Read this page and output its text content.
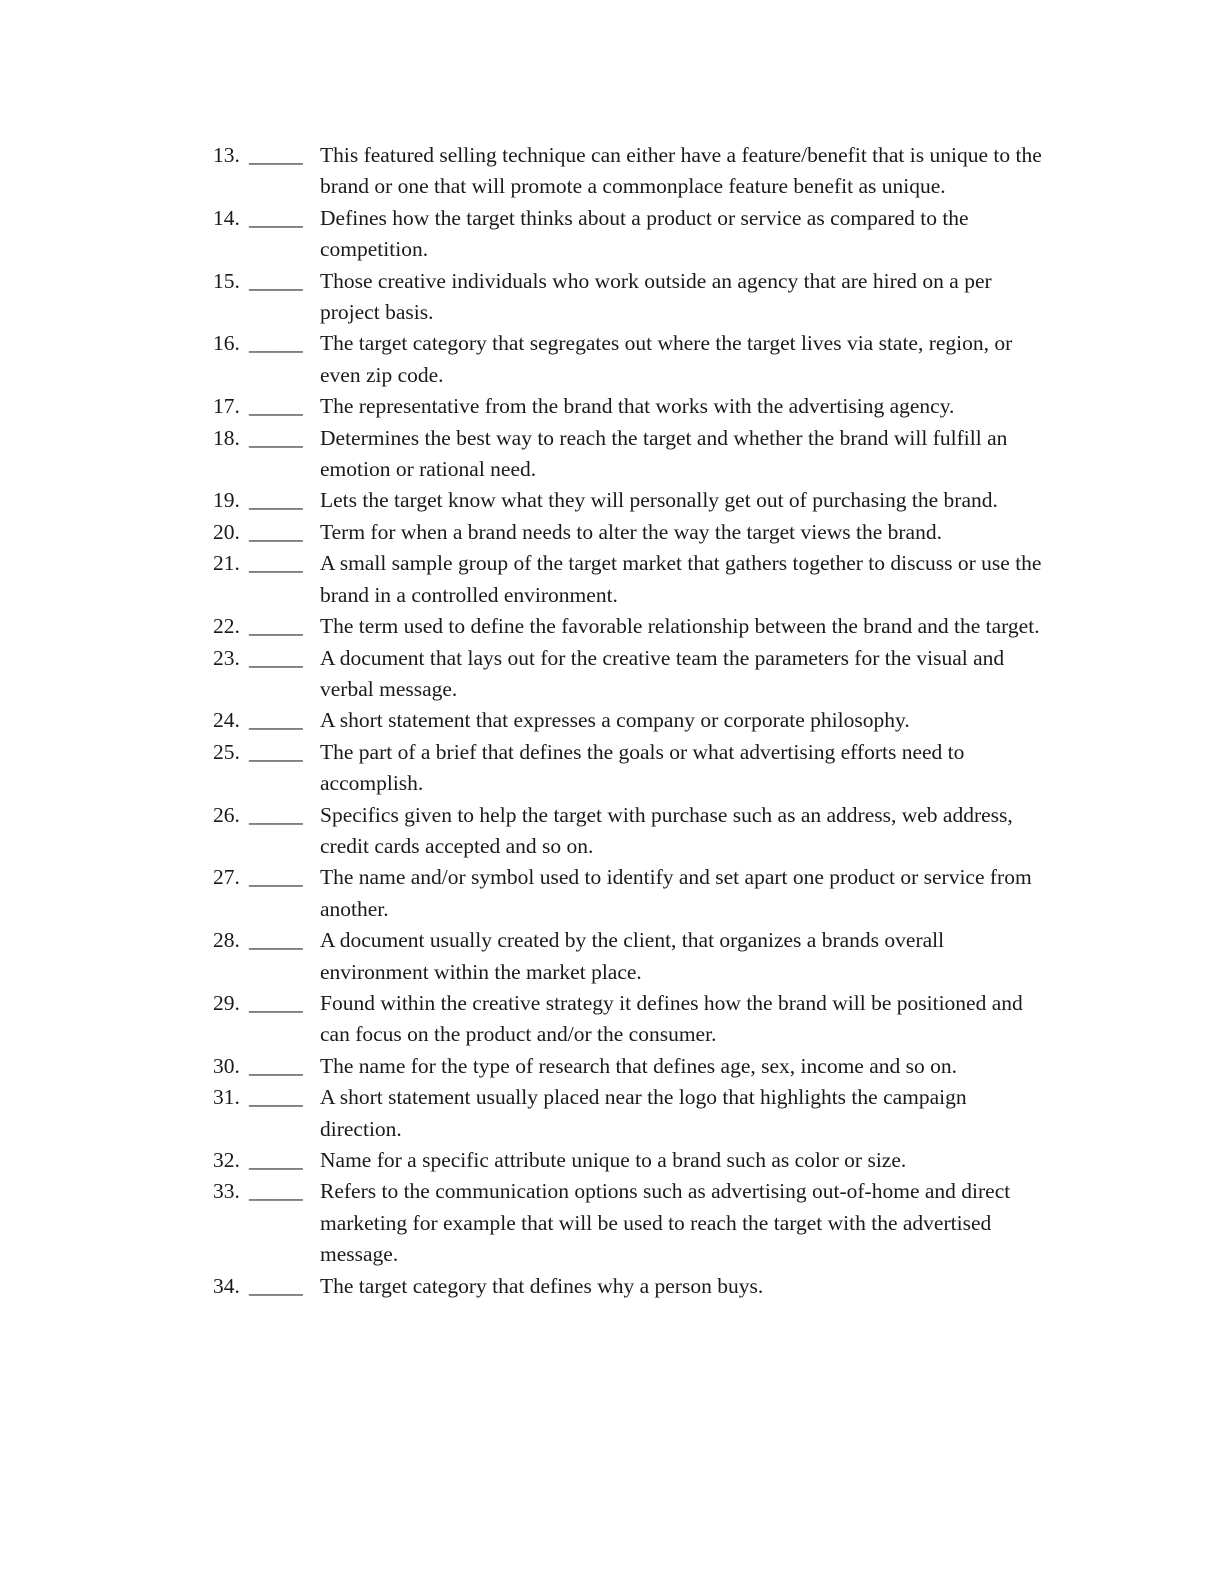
13. _____ This featured selling technique can either have a feature/benefit that is unique to the brand or one that will promote a commonplace feature benefit as unique.
14. _____ Defines how the target thinks about a product or service as compared to the competition.
15. _____ Those creative individuals who work outside an agency that are hired on a per project basis.
16. _____ The target category that segregates out where the target lives via state, region, or even zip code.
17. _____ The representative from the brand that works with the advertising agency.
18. _____ Determines the best way to reach the target and whether the brand will fulfill an emotion or rational need.
19. _____ Lets the target know what they will personally get out of purchasing the brand.
20. _____ Term for when a brand needs to alter the way the target views the brand.
21. _____ A small sample group of the target market that gathers together to discuss or use the brand in a controlled environment.
22. _____ The term used to define the favorable relationship between the brand and the target.
23. _____ A document that lays out for the creative team the parameters for the visual and verbal message.
24. _____ A short statement that expresses a company or corporate philosophy.
25. _____ The part of a brief that defines the goals or what advertising efforts need to accomplish.
26. _____ Specifics given to help the target with purchase such as an address, web address, credit cards accepted and so on.
27. _____ The name and/or symbol used to identify and set apart one product or service from another.
28. _____ A document usually created by the client, that organizes a brands overall environment within the market place.
29. _____ Found within the creative strategy it defines how the brand will be positioned and can focus on the product and/or the consumer.
30. _____ The name for the type of research that defines age, sex, income and so on.
31. _____ A short statement usually placed near the logo that highlights the campaign direction.
32. _____ Name for a specific attribute unique to a brand such as color or size.
33. _____ Refers to the communication options such as advertising out-of-home and direct marketing for example that will be used to reach the target with the advertised message.
34. _____ The target category that defines why a person buys.
